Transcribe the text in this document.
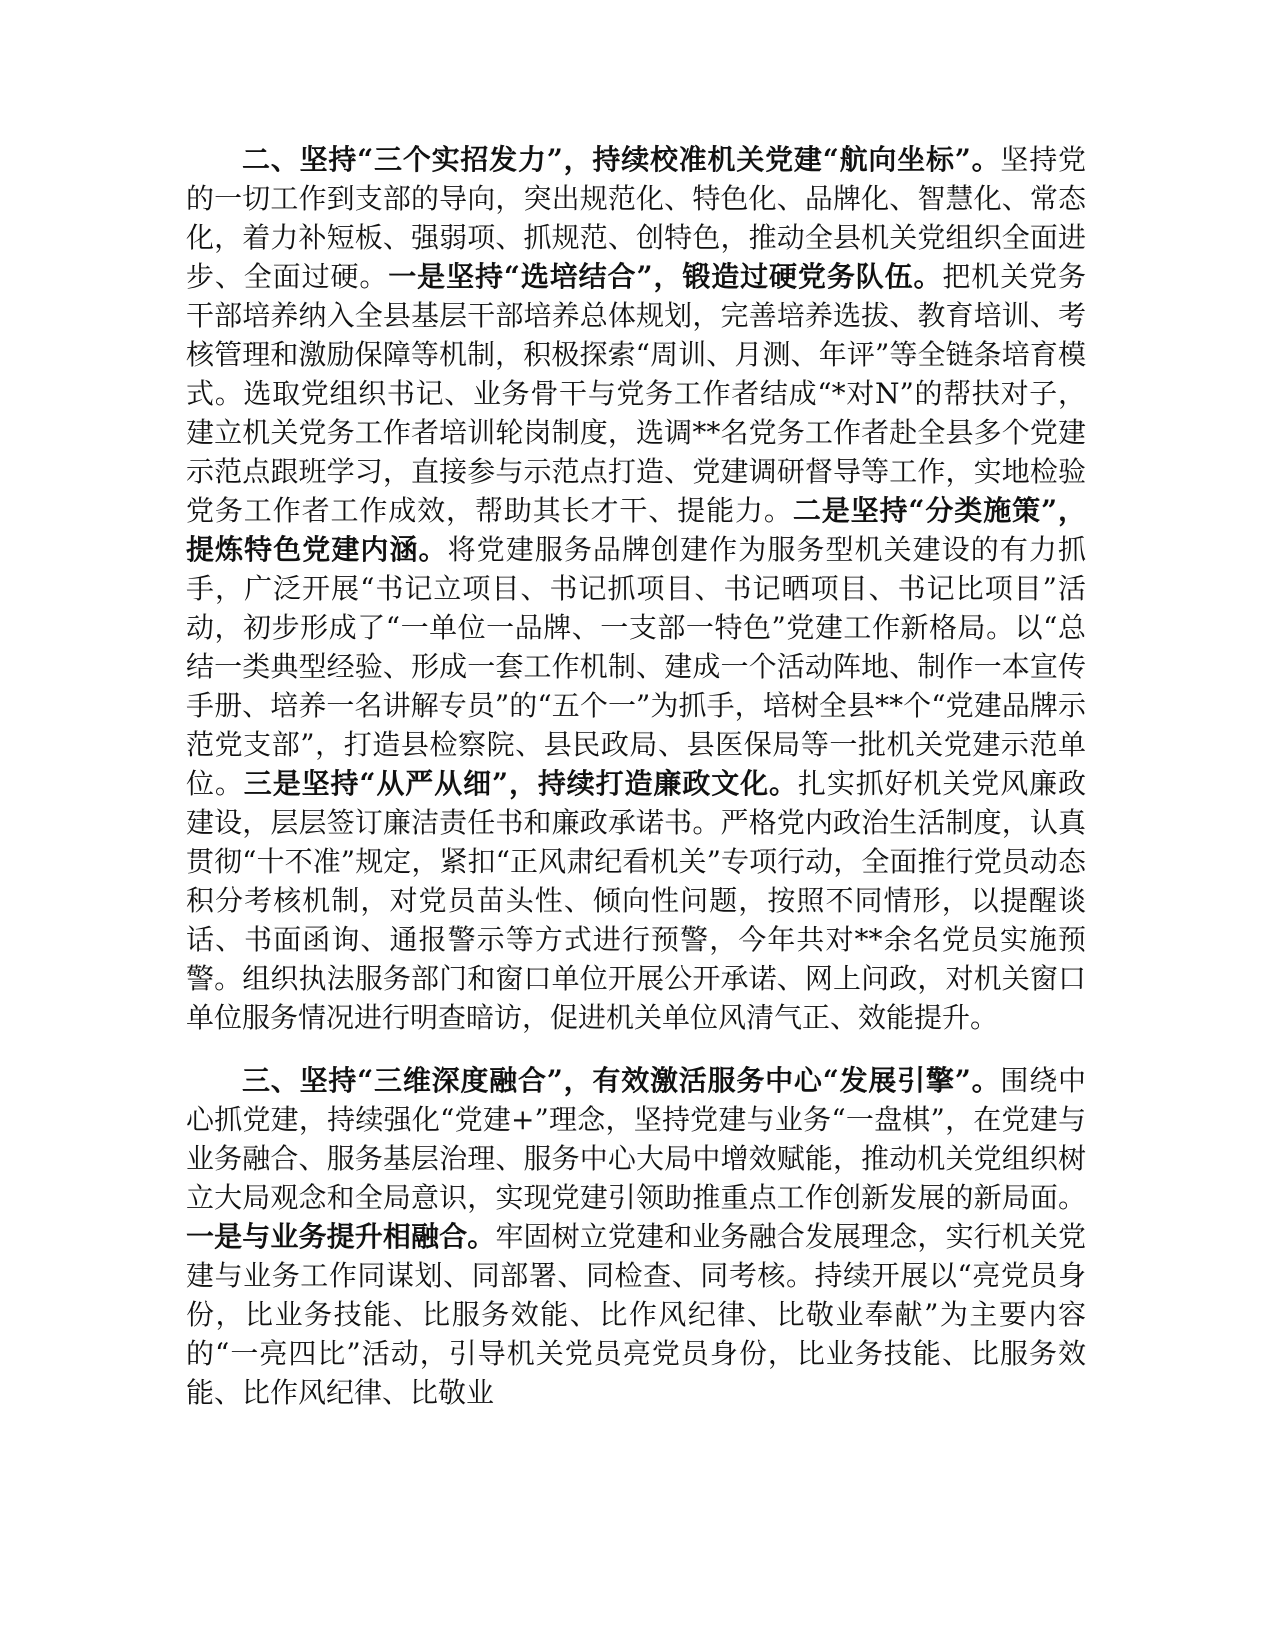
二、坚持“三个实招发力”，持续校准机关党建“航向坐标”。坚持党的一切工作到支部的导向，突出规范化、特色化、品牌化、智慧化、常态化，着力补短板、强弱项、抓规范、创特色，推动全县机关党组织全面进步、全面过硬。一是坚持“选培结合”，锻造过硬党务队伍。把机关党务干部培养纳入全县基层干部培养总体规划，完善培养选拔、教育培训、考核管理和激励保障等机制，积极探索“周训、月测、年评”等全链条培育模式。选取党组织书记、业务骨干与党务工作者结成“*对N”的帮扶对子，建立机关党务工作者培训轮岗制度，选调**名党务工作者赴全县多个党建示范点跟班学习，直接参与示范点打造、党建调研督导等工作，实地检验党务工作者工作成效，帮助其长才干、提能力。二是坚持“分类施策”，提炼特色党建内涵。将党建服务品牌创建作为服务型机关建设的有力抓手，广泛开展“书记立项目、书记抓项目、书记晒项目、书记比项目”活动，初步形成了“一单位一品牌、一支部一特色”党建工作新格局。以“总结一类典型经验、形成一套工作机制、建成一个活动阵地、制作一本宣传手册、培养一名讲解专员”的“五个一”为抓手，培树全县**个“党建品牌示范党支部”，打造县检察院、县民政局、县医保局等一批机关党建示范单位。三是坚持“从严从细”，持续打造廉政文化。扎实抓好机关党风廉政建设，层层签订廉洁责任书和廉政承诺书。严格党内政治生活制度，认真贯彻“十不准”规定，紧扣“正风肃纪看机关”专项行动，全面推行党员动态积分考核机制，对党员苗头性、倾向性问题，按照不同情形，以提醒谈话、书面函询、通报警示等方式进行预警，今年共对**余名党员实施预警。组织执法服务部门和窗口单位开展公开承诺、网上问政，对机关窗口单位服务情况进行明查暗访，促进机关单位风清气正、效能提升。

三、坚持“三维深度融合”，有效激活服务中心“发展引擎”。围绕中心抓党建，持续强化“党建+”理念，坚持党建与业务“一盘棋”，在党建与业务融合、服务基层治理、服务中心大局中增效赋能，推动机关党组织树立大局观念和全局意识，实现党建引领助推重点工作创新发展的新局面。一是与业务提升相融合。牢固树立党建和业务融合发展理念，实行机关党建与业务工作同谋划、同部署、同检查、同考核。持续开展以“亮党员身份，比业务技能、比服务效能、比作风纪律、比敬业奉献”为主要内容的“一亮四比”活动，引导机关党员亮党员身份，比业务技能、比服务效能、比作风纪律、比敬业
